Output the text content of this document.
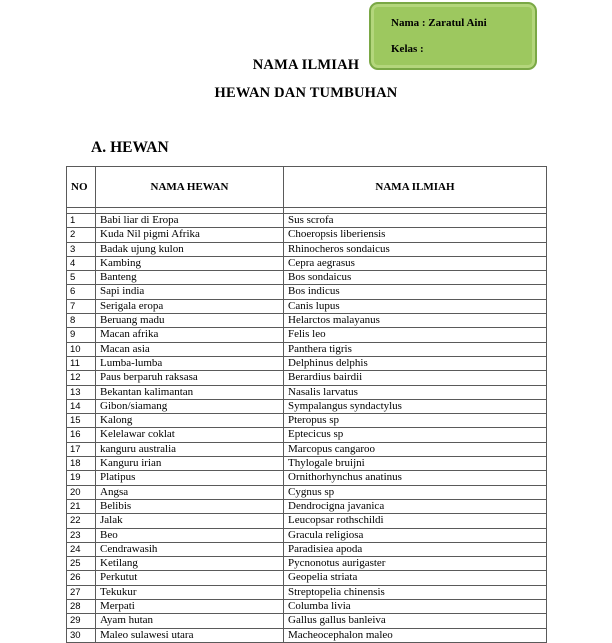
Nama : Zaratul Aini
Kelas :
NAMA ILMIAH
HEWAN DAN TUMBUHAN
A. HEWAN
NO	NAMA HEWAN	NAMA ILMIAH

1	Babi liar di Eropa	Sus scrofa
2	Kuda Nil pigmi Afrika	Choeropsis liberiensis
3	Badak ujung kulon	Rhinocheros sondaicus
4	Kambing	Cepra aegrasus
5	Banteng	Bos sondaicus
6	Sapi india	Bos indicus
7	Serigala eropa	Canis lupus
8	Beruang madu	Helarctos malayanus
9	Macan afrika	Felis leo
10	Macan asia	Panthera tigris
11	Lumba-lumba	Delphinus delphis
12	Paus berparuh raksasa	Berardius bairdii
13	Bekantan kalimantan	Nasalis larvatus
14	Gibon/siamang	Sympalangus syndactylus
15	Kalong	Pteropus sp
16	Kelelawar coklat	Eptecicus sp
17	kanguru australia	Marcopus cangaroo
18	Kanguru irian	Thylogale bruijni
19	Platipus	Ornithorhynchus anatinus
20	Angsa	Cygnus sp
21	Belibis	Dendrocigna javanica
22	Jalak	Leucopsar rothschildi
23	Beo	Gracula religiosa
24	Cendrawasih	Paradisiea apoda
25	Ketilang	Pycnonotus aurigaster
26	Perkutut	Geopelia striata
27	Tekukur	Streptopelia chinensis
28	Merpati	Columba livia
29	Ayam hutan	Gallus gallus banleiva
30	Maleo sulawesi utara	Macheocephalon maleo
